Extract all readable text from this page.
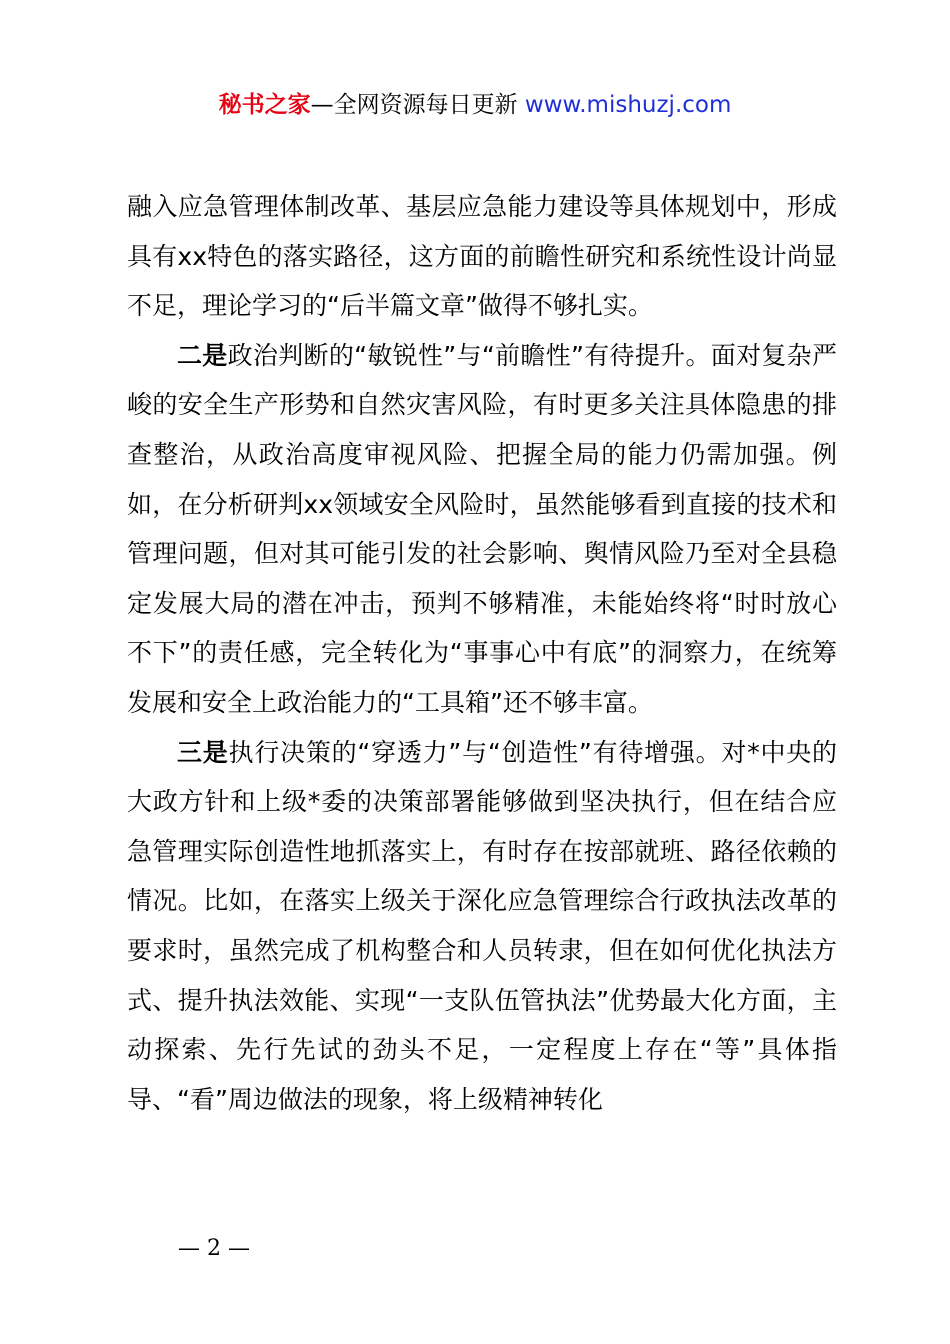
秘书之家—全网资源每日更新 www.mishuzj.com

融入应急管理体制改革、基层应急能力建设等具体规划中，形成具有xx特色的落实路径，这方面的前瞻性研究和系统性设计尚显不足，理论学习的“后半篇文章”做得不够扎实。

二是政治判断的“敏锐性”与“前瞻性”有待提升。面对复杂严峻的安全生产形势和自然灾害风险，有时更多关注具体隐患的排查整治，从政治高度审视风险、把握全局的能力仍需加强。例如，在分析研判xx领域安全风险时，虽然能够看到直接的技术和管理问题，但对其可能引发的社会影响、舆情风险乃至对全县稳定发展大局的潜在冲击，预判不够精准，未能始终将“时时放心不下”的责任感，完全转化为“事事心中有底”的洞察力，在统筹发展和安全上政治能力的“工具箱”还不够丰富。

三是执行决策的“穿透力”与“创造性”有待增强。对*中央的大政方针和上级*委的决策部署能够做到坚决执行，但在结合应急管理实际创造性地抓落实上，有时存在按部就班、路径依赖的情况。比如，在落实上级关于深化应急管理综合行政执法改革的要求时，虽然完成了机构整合和人员转隶，但在如何优化执法方式、提升执法效能、实现“一支队伍管执法”优势最大化方面，主动探索、先行先试的劲头不足，一定程度上存在“等”具体指导、“看”周边做法的现象，将上级精神转化

— 2 —
